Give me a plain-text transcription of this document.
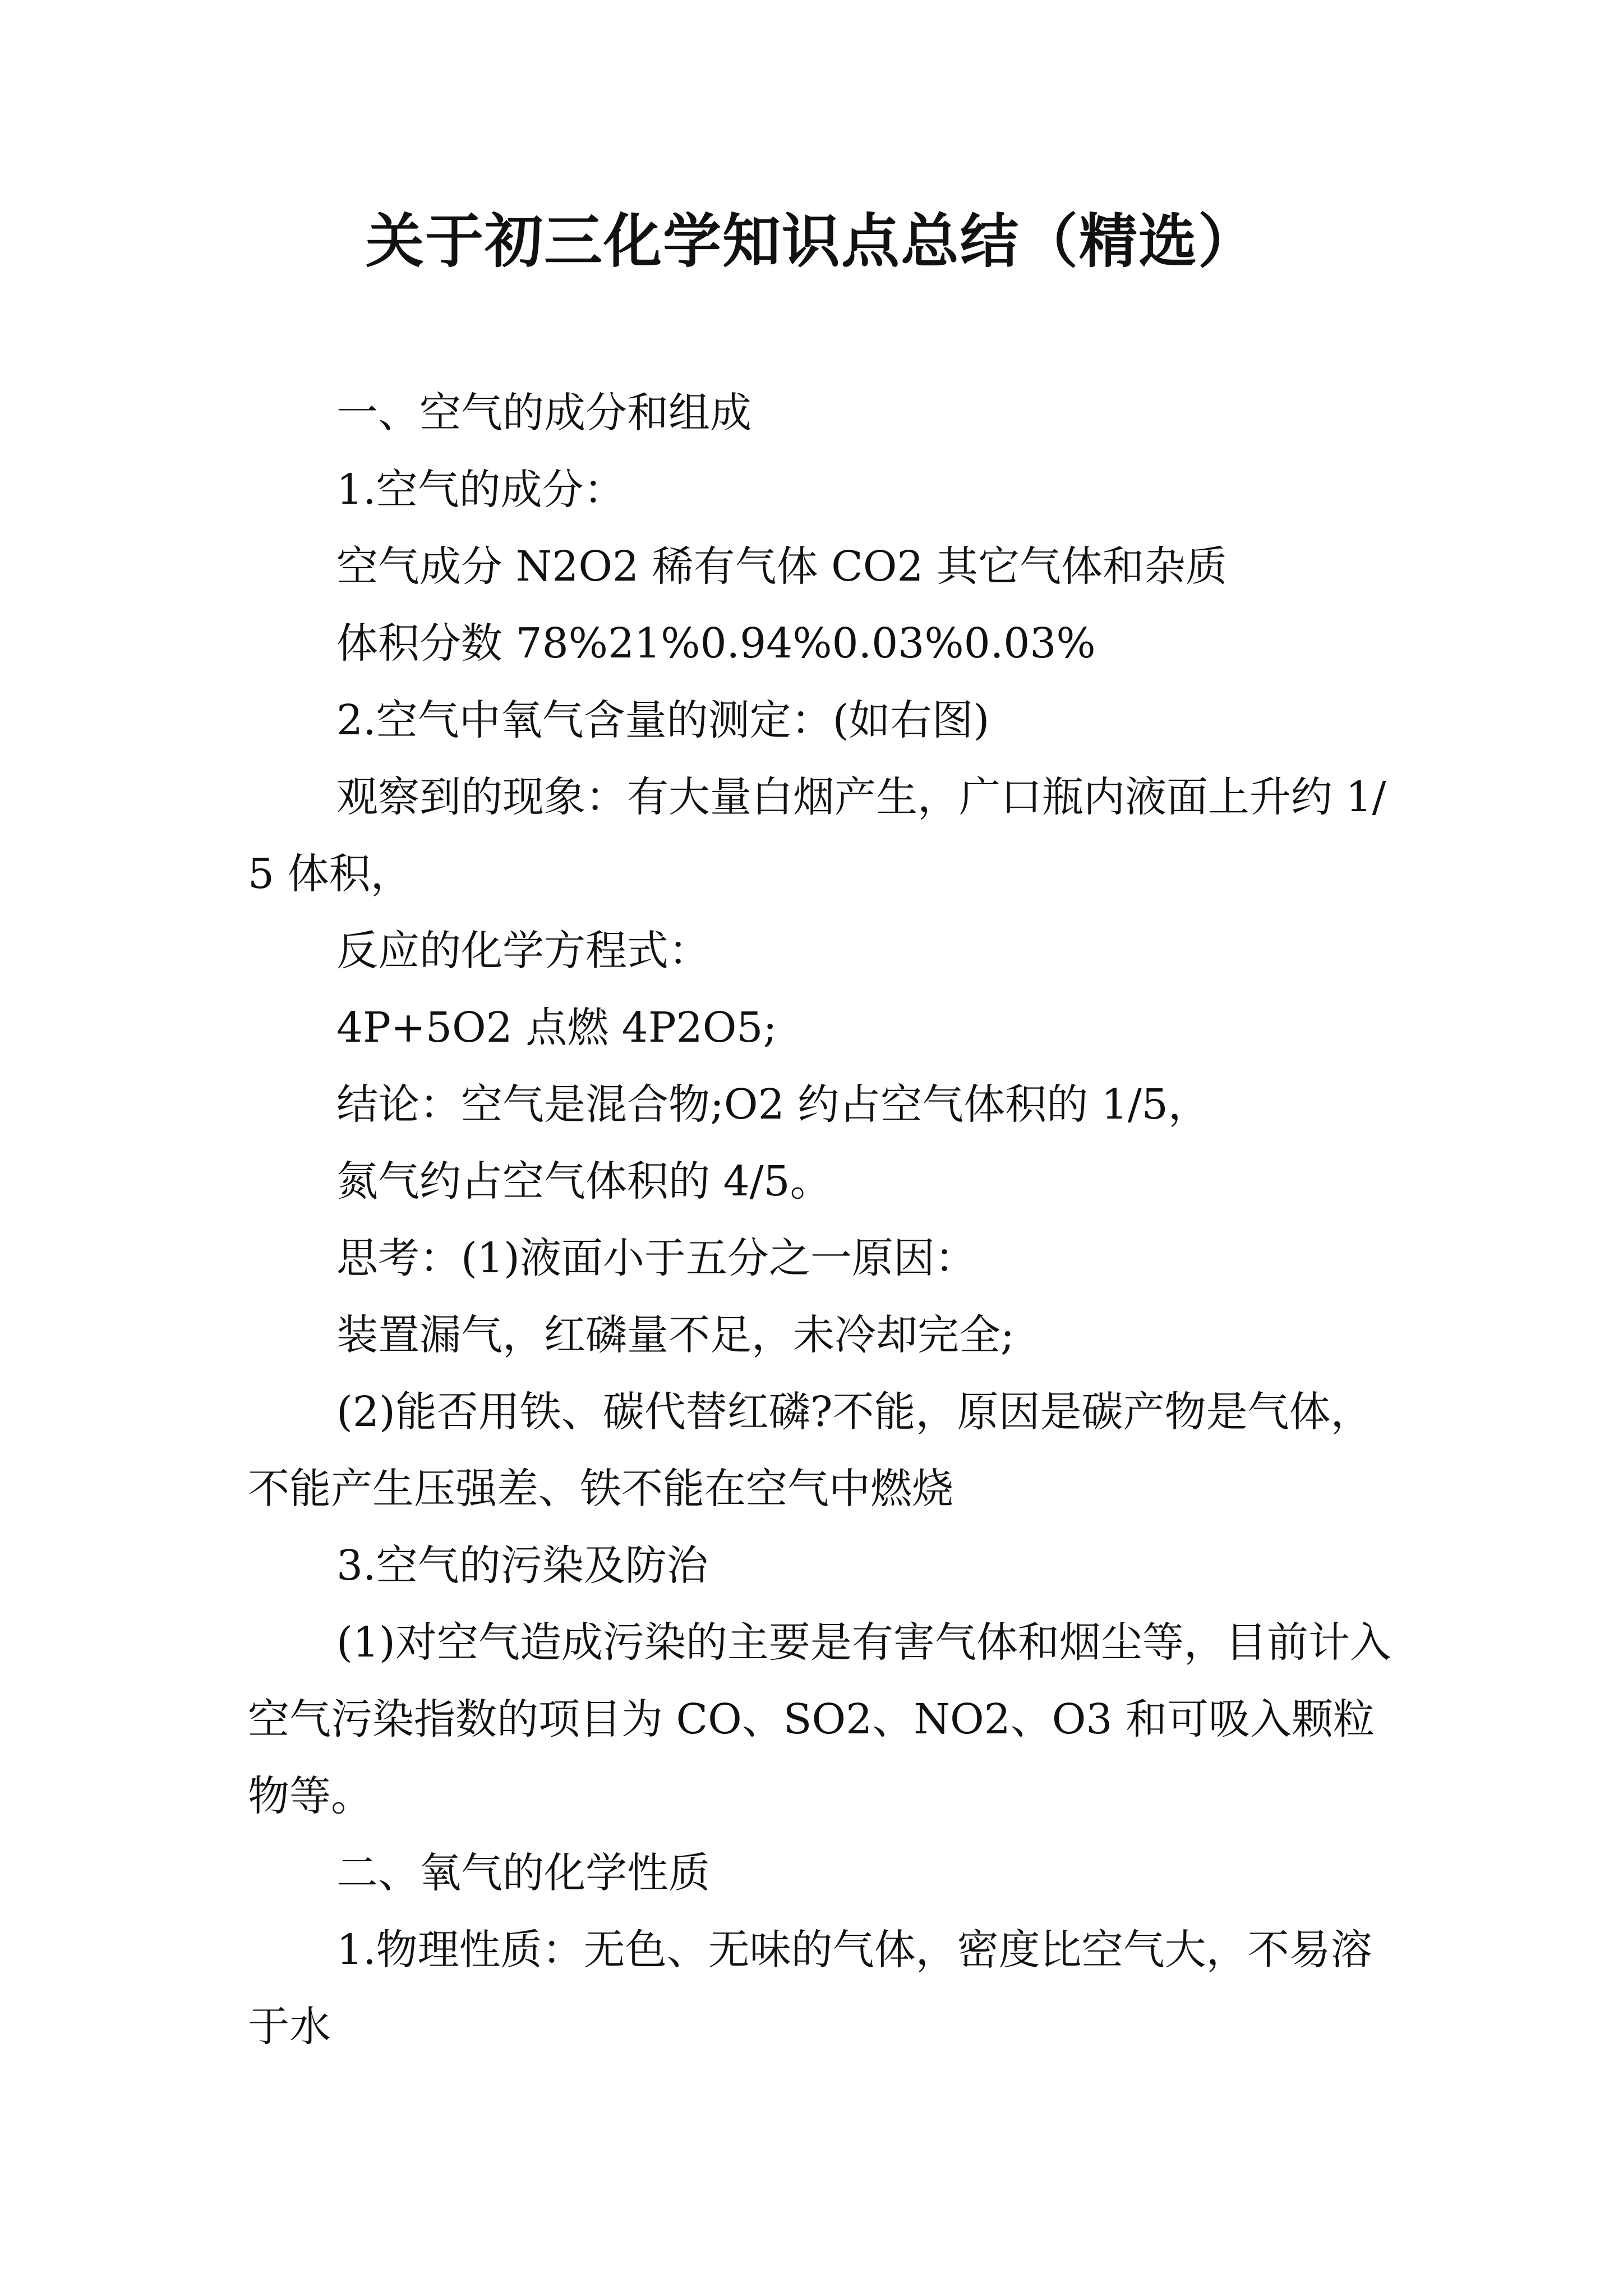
关于初三化学知识点总结（精选）

一、空气的成分和组成

1.空气的成分：

空气成分 N2O2 稀有气体 CO2 其它气体和杂质

体积分数 78%21%0.94%0.03%0.03%

2.空气中氧气含量的测定：(如右图)

观察到的现象：有大量白烟产生，广口瓶内液面上升约 1/5 体积，

反应的化学方程式：

4P+5O2 点燃 4P2O5;

结论：空气是混合物;O2 约占空气体积的 1/5，

氮气约占空气体积的 4/5。

思考：(1)液面小于五分之一原因：

装置漏气，红磷量不足，未冷却完全;

(2)能否用铁、碳代替红磷?不能，原因是碳产物是气体，不能产生压强差、铁不能在空气中燃烧

3.空气的污染及防治

(1)对空气造成污染的主要是有害气体和烟尘等，目前计入空气污染指数的项目为 CO、SO2、NO2、O3 和可吸入颗粒物等。

二、氧气的化学性质

1.物理性质：无色、无味的气体，密度比空气大，不易溶于水
